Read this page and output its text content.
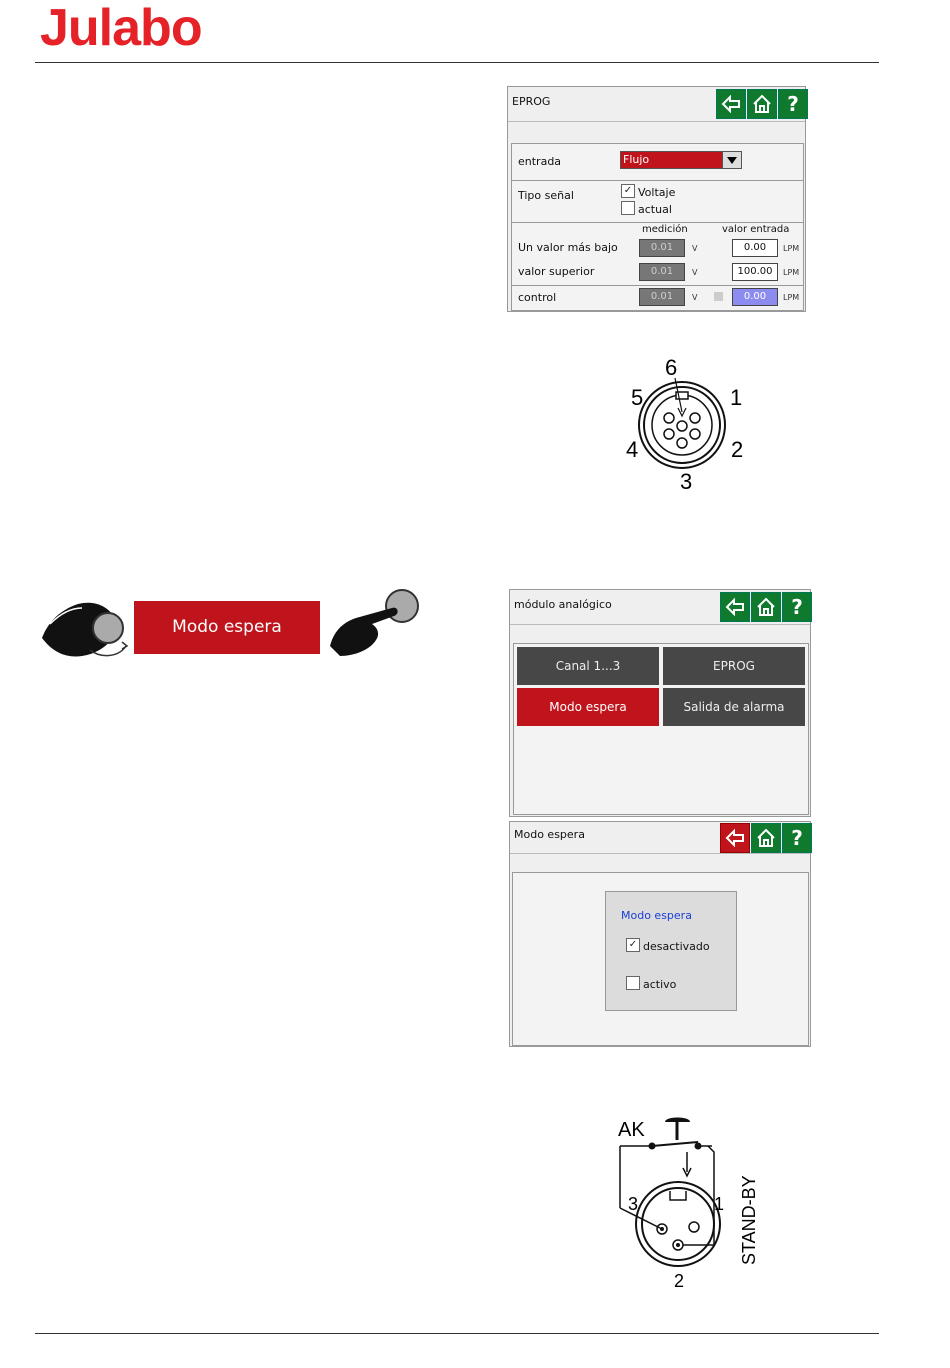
Julabo
EPROG	?
entrada	Flujo
Tipo señal	✓ Voltaje
actual
medición	valor entrada
Un valor más bajo	0.01	V	0.00	LPM
valor superior	0.01	V	100.00	LPM
control	0.01	V	0.00	LPM
6
5	1
4	2
3
Modo espera
módulo analógico	?
Canal 1...3	EPROG
Modo espera	Salida de alarma
Modo espera	?
Modo espera
✓ desactivado
activo
AK
3	1
2
STAND-BY
